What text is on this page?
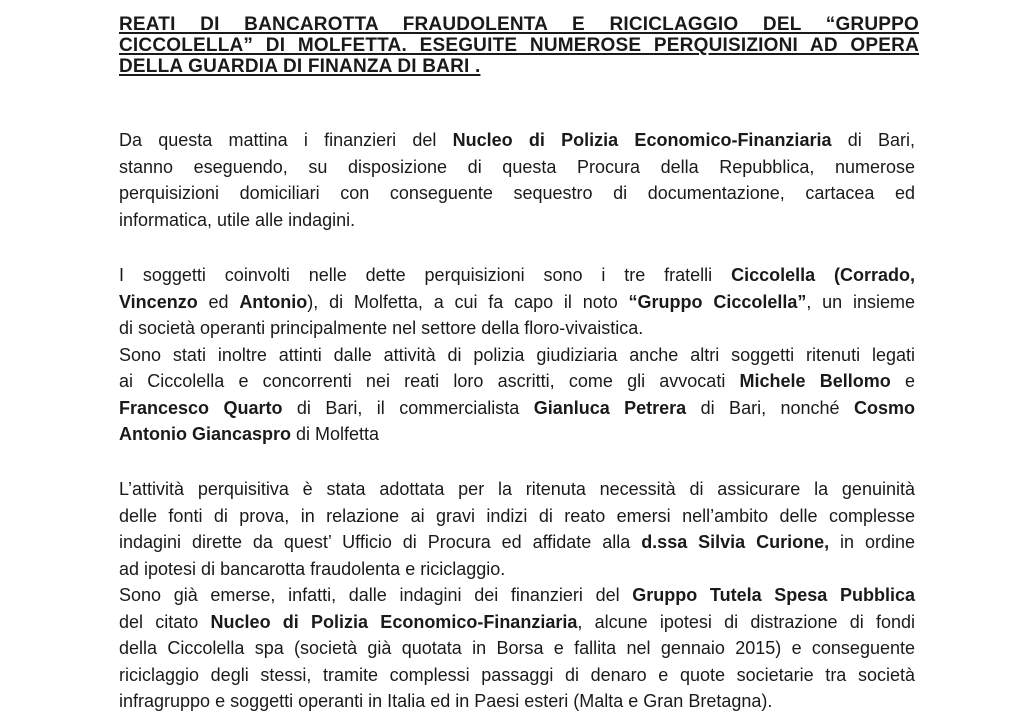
REATI DI BANCAROTTA FRAUDOLENTA E RICICLAGGIO DEL “GRUPPO
CICCOLELLA” DI MOLFETTA. ESEGUITE NUMEROSE PERQUISIZIONI AD OPERA
DELLA GUARDIA DI FINANZA DI BARI .
Da questa mattina i finanzieri del Nucleo di Polizia Economico-Finanziaria di Bari,
stanno eseguendo, su disposizione di questa Procura della Repubblica, numerose
perquisizioni domiciliari con conseguente sequestro di documentazione, cartacea ed
informatica, utile alle indagini.
I soggetti coinvolti nelle dette perquisizioni sono i tre fratelli Ciccolella (Corrado,
Vincenzo ed Antonio), di Molfetta, a cui fa capo il noto “Gruppo Ciccolella”, un insieme
di società operanti principalmente nel settore della floro-vivaistica.
Sono stati inoltre attinti dalle attività di polizia giudiziaria anche altri soggetti ritenuti legati
ai Ciccolella e concorrenti nei reati loro ascritti, come gli avvocati Michele Bellomo e
Francesco Quarto di Bari, il commercialista Gianluca Petrera di Bari, nonché Cosmo
Antonio Giancaspro di Molfetta
L’attività perquisitiva è stata adottata per la ritenuta necessità di assicurare la genuinità
delle fonti di prova, in relazione ai gravi indizi di reato emersi nell’ambito delle complesse
indagini dirette da quest’ Ufficio di Procura ed affidate alla d.ssa Silvia Curione, in ordine
ad ipotesi di bancarotta fraudolenta e riciclaggio.
Sono già emerse, infatti, dalle indagini dei finanzieri del Gruppo Tutela Spesa Pubblica
del citato Nucleo di Polizia Economico-Finanziaria, alcune ipotesi di distrazione di fondi
della Ciccolella spa (società già quotata in Borsa e fallita nel gennaio 2015) e conseguente
riciclaggio degli stessi, tramite complessi passaggi di denaro e quote societarie tra società
infragruppo e soggetti operanti in Italia ed in Paesi esteri (Malta e Gran Bretagna).
